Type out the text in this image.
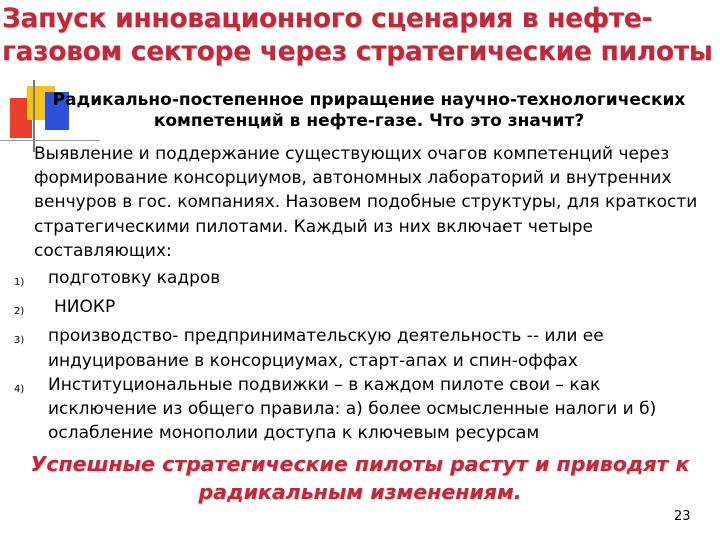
Запуск инновационного сценария в нефте-газовом секторе через стратегические пилоты
Радикально-постепенное приращение научно-технологических компетенций в нефте-газе. Что это значит?
Выявление и поддержание существующих очагов компетенций через формирование консорциумов, автономных лабораторий и внутренних венчуров в гос. компаниях. Назовем подобные структуры, для краткости стратегическими пилотами. Каждый из них включает четыре составляющих:
1)	подготовку кадров
2)	НИОКР
3)	производство- предпринимательскую деятельность -- или ее индуцирование в консорциумах, старт-апах и спин-оффах
4)	Институциональные подвижки – в каждом пилоте свои – как исключение из общего правила: а) более осмысленные налоги и б) ослабление монополии доступа к ключевым ресурсам
Успешные стратегические пилоты растут и приводят к радикальным изменениям.
23
